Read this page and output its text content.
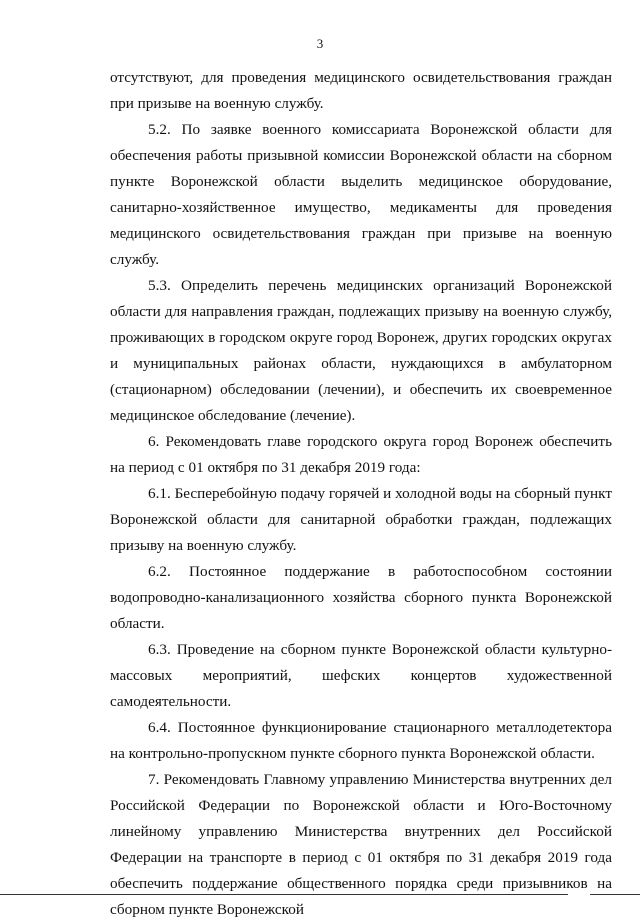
3

отсутствуют, для проведения медицинского освидетельствования граждан при призыве на военную службу.

5.2. По заявке военного комиссариата Воронежской области для обеспечения работы призывной комиссии Воронежской области на сборном пункте Воронежской области выделить медицинское оборудование, санитарно-хозяйственное имущество, медикаменты для проведения медицинского освидетельствования граждан при призыве на военную службу.

5.3. Определить перечень медицинских организаций Воронежской области для направления граждан, подлежащих призыву на военную службу, проживающих в городском округе город Воронеж, других городских округах и муниципальных районах области, нуждающихся в амбулаторном (стационарном) обследовании (лечении), и обеспечить их своевременное медицинское обследование (лечение).

6. Рекомендовать главе городского округа город Воронеж обеспечить на период с 01 октября по 31 декабря 2019 года:

6.1. Бесперебойную подачу горячей и холодной воды на сборный пункт Воронежской области для санитарной обработки граждан, подлежащих призыву на военную службу.

6.2. Постоянное поддержание в работоспособном состоянии водопроводно-канализационного хозяйства сборного пункта Воронежской области.

6.3. Проведение на сборном пункте Воронежской области культурно-массовых мероприятий, шефских концертов художественной самодеятельности.

6.4. Постоянное функционирование стационарного металлодетектора на контрольно-пропускном пункте сборного пункта Воронежской области.

7. Рекомендовать Главному управлению Министерства внутренних дел Российской Федерации по Воронежской области и Юго-Восточному линейному управлению Министерства внутренних дел Российской Федерации на транспорте в период с 01 октября по 31 декабря 2019 года обеспечить поддержание общественного порядка среди призывников на сборном пункте Воронежской
